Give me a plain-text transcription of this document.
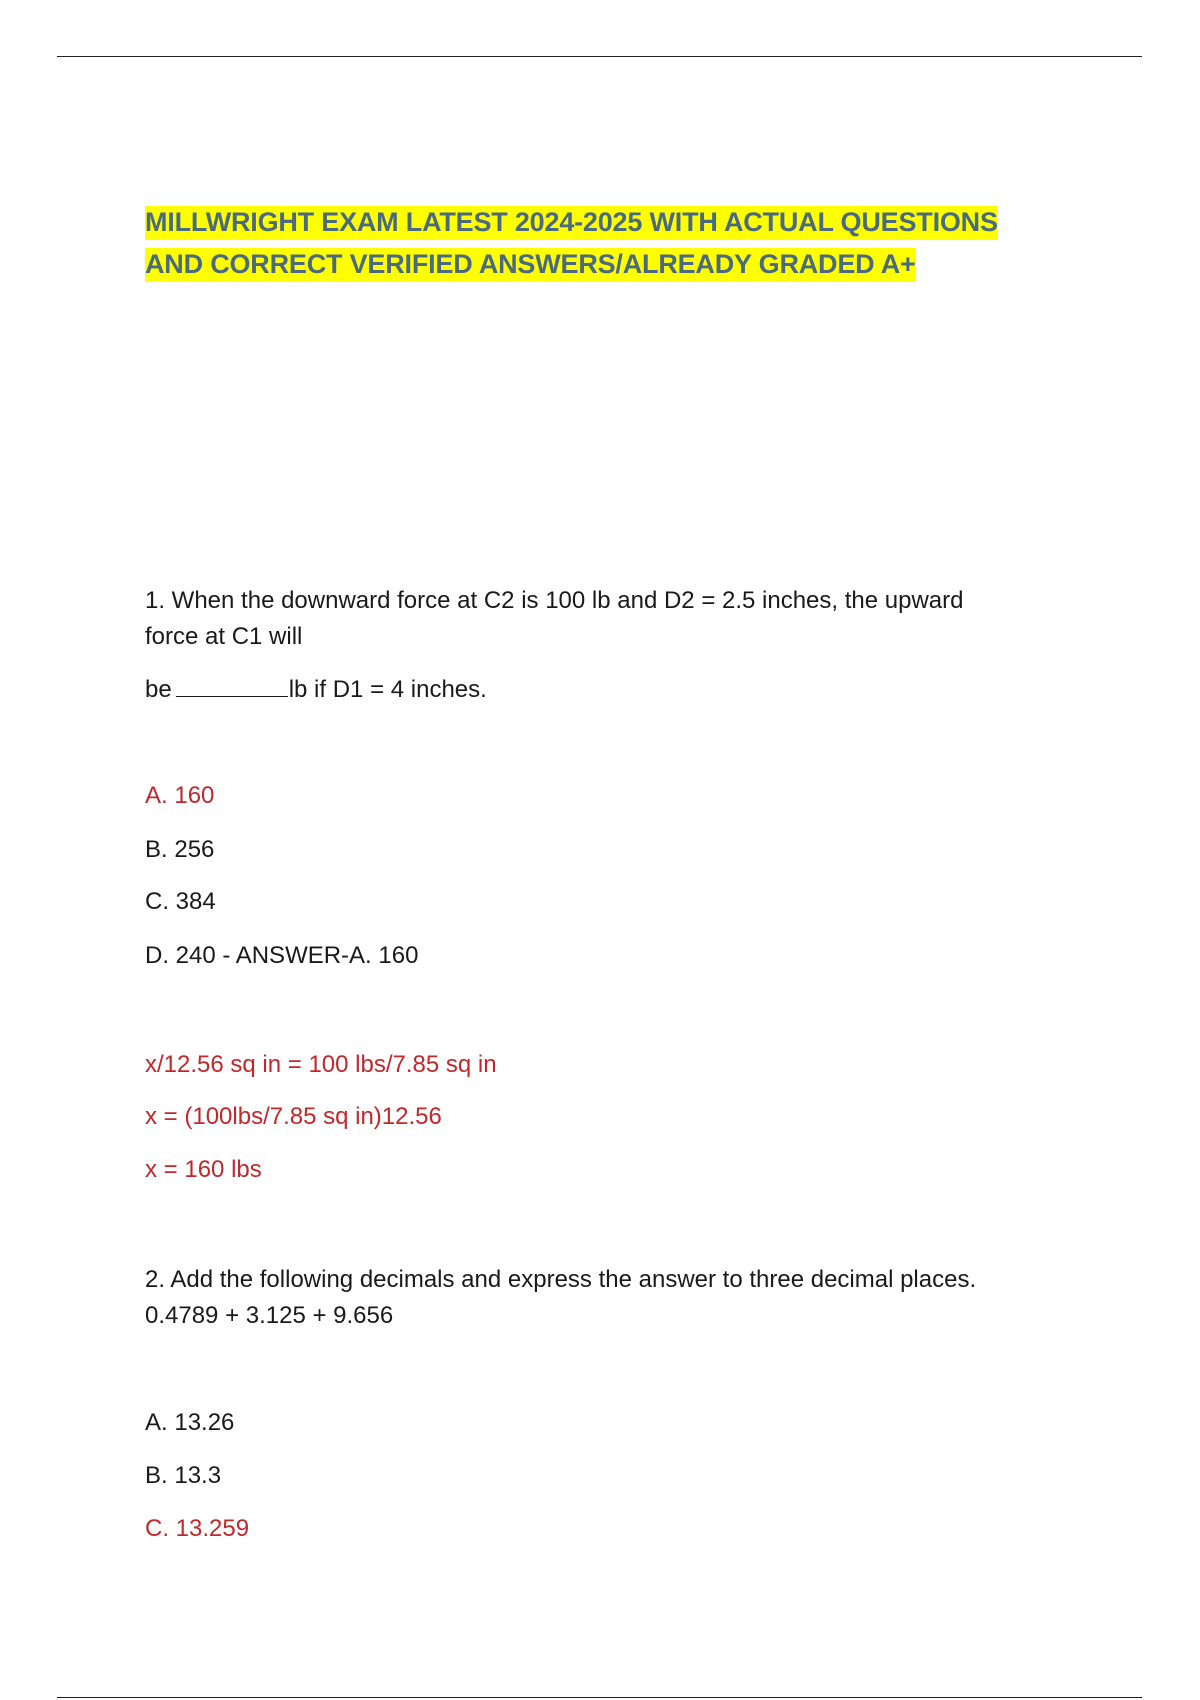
MILLWRIGHT EXAM LATEST 2024-2025 WITH ACTUAL QUESTIONS
AND CORRECT VERIFIED ANSWERS/ALREADY GRADED A+

1. When the downward force at C2 is 100 lb and D2 = 2.5 inches, the upward

force at C1 will

be	lb if D1 = 4 inches.

A. 160

B. 256

C. 384

D. 240 - ANSWER-A. 160

x/12.56 sq in = 100 lbs/7.85 sq in

x = (100lbs/7.85 sq in)12.56

x = 160 lbs

2. Add the following decimals and express the answer to three decimal places.

0.4789 + 3.125 + 9.656

A. 13.26

B. 13.3

C. 13.259
